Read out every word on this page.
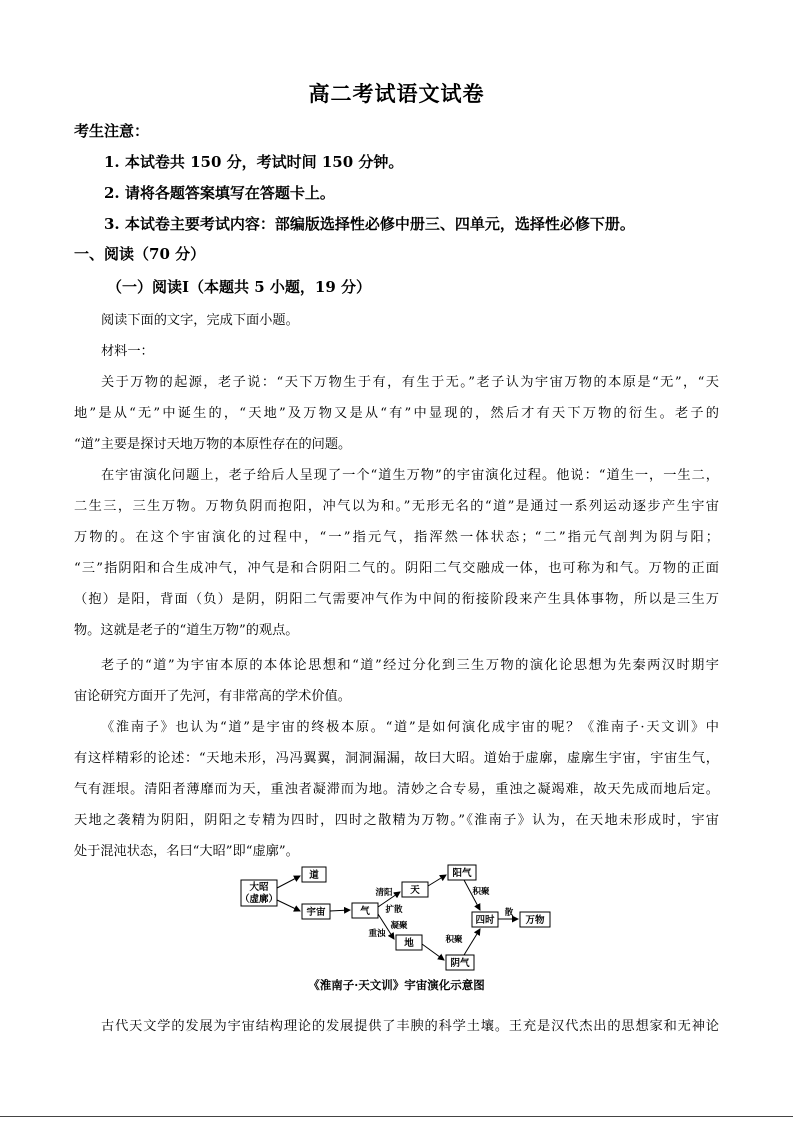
高二考试语文试卷
考生注意：
1. 本试卷共 150 分，考试时间 150 分钟。
2. 请将各题答案填写在答题卡上。
3. 本试卷主要考试内容：部编版选择性必修中册三、四单元，选择性必修下册。
一、阅读（70 分）
（一）阅读Ⅰ（本题共 5 小题，19 分）
阅读下面的文字，完成下面小题。
材料一：
关于万物的起源，老子说：“天下万物生于有，有生于无。”老子认为宇宙万物的本原是“无”，“天
地”是从“无”中诞生的，“天地”及万物又是从“有”中显现的，然后才有天下万物的衍生。老子的
“道”主要是探讨天地万物的本原性存在的问题。
在宇宙演化问题上，老子给后人呈现了一个“道生万物”的宇宙演化过程。他说：“道生一，一生二，
二生三，三生万物。万物负阴而抱阳，冲气以为和。”无形无名的“道”是通过一系列运动逐步产生宇宙
万物的。在这个宇宙演化的过程中，“一”指元气，指浑然一体状态；“二”指元气剖判为阴与阳；
“三”指阴阳和合生成冲气，冲气是和合阴阳二气的。阴阳二气交融成一体，也可称为和气。万物的正面
（抱）是阳，背面（负）是阴，阴阳二气需要冲气作为中间的衔接阶段来产生具体事物，所以是三生万
物。这就是老子的“道生万物”的观点。
老子的“道”为宇宙本原的本体论思想和“道”经过分化到三生万物的演化论思想为先秦两汉时期宇
宙论研究方面开了先河，有非常高的学术价值。
《淮南子》也认为“道”是宇宙的终极本原。“道”是如何演化成宇宙的呢？《淮南子·天文训》中
有这样精彩的论述：“天地未形，冯冯翼翼，洞洞漏漏，故曰大昭。道始于虚廓，虚廓生宇宙，宇宙生气，
气有涯垠。清阳者薄靡而为天，重浊者凝滞而为地。清妙之合专易，重浊之凝竭难，故天先成而地后定。
天地之袭精为阴阳，阴阳之专精为四时，四时之散精为万物。”《淮南子》认为，在天地未形成时，宇宙
处于混沌状态，名曰“大昭”即“虚廓”。
大昭
（虚廓）
道
宇宙	气
天
地
阳气
阴气
四时	万物
清阳
扩散
重浊
凝聚
积聚
积聚
散
《淮南子·天文训》宇宙演化示意图
古代天文学的发展为宇宙结构理论的发展提供了丰腴的科学土壤。王充是汉代杰出的思想家和无神论
